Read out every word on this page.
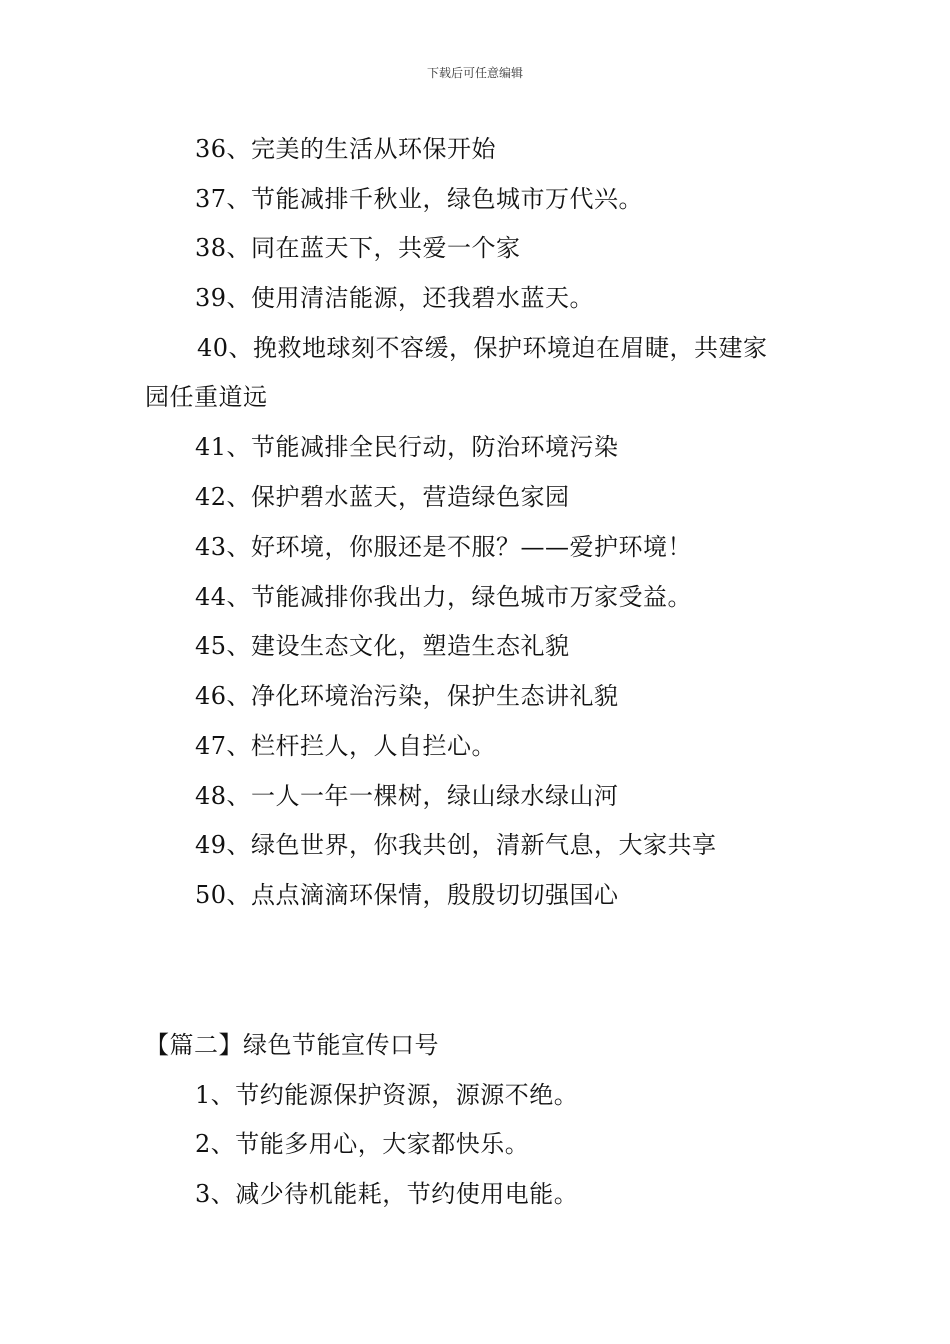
下载后可任意编辑
36、完美的生活从环保开始
37、节能减排千秋业，绿色城市万代兴。
38、同在蓝天下，共爱一个家
39、使用清洁能源，还我碧水蓝天。
40、挽救地球刻不容缓，保护环境迫在眉睫，共建家
园任重道远
41、节能减排全民行动，防治环境污染
42、保护碧水蓝天，营造绿色家园
43、好环境，你服还是不服？——爱护环境！
44、节能减排你我出力，绿色城市万家受益。
45、建设生态文化，塑造生态礼貌
46、净化环境治污染，保护生态讲礼貌
47、栏杆拦人，人自拦心。
48、一人一年一棵树，绿山绿水绿山河
49、绿色世界，你我共创，清新气息，大家共享
50、点点滴滴环保情，殷殷切切强国心
【篇二】绿色节能宣传口号
1、节约能源保护资源，源源不绝。
2、节能多用心，大家都快乐。
3、减少待机能耗，节约使用电能。
